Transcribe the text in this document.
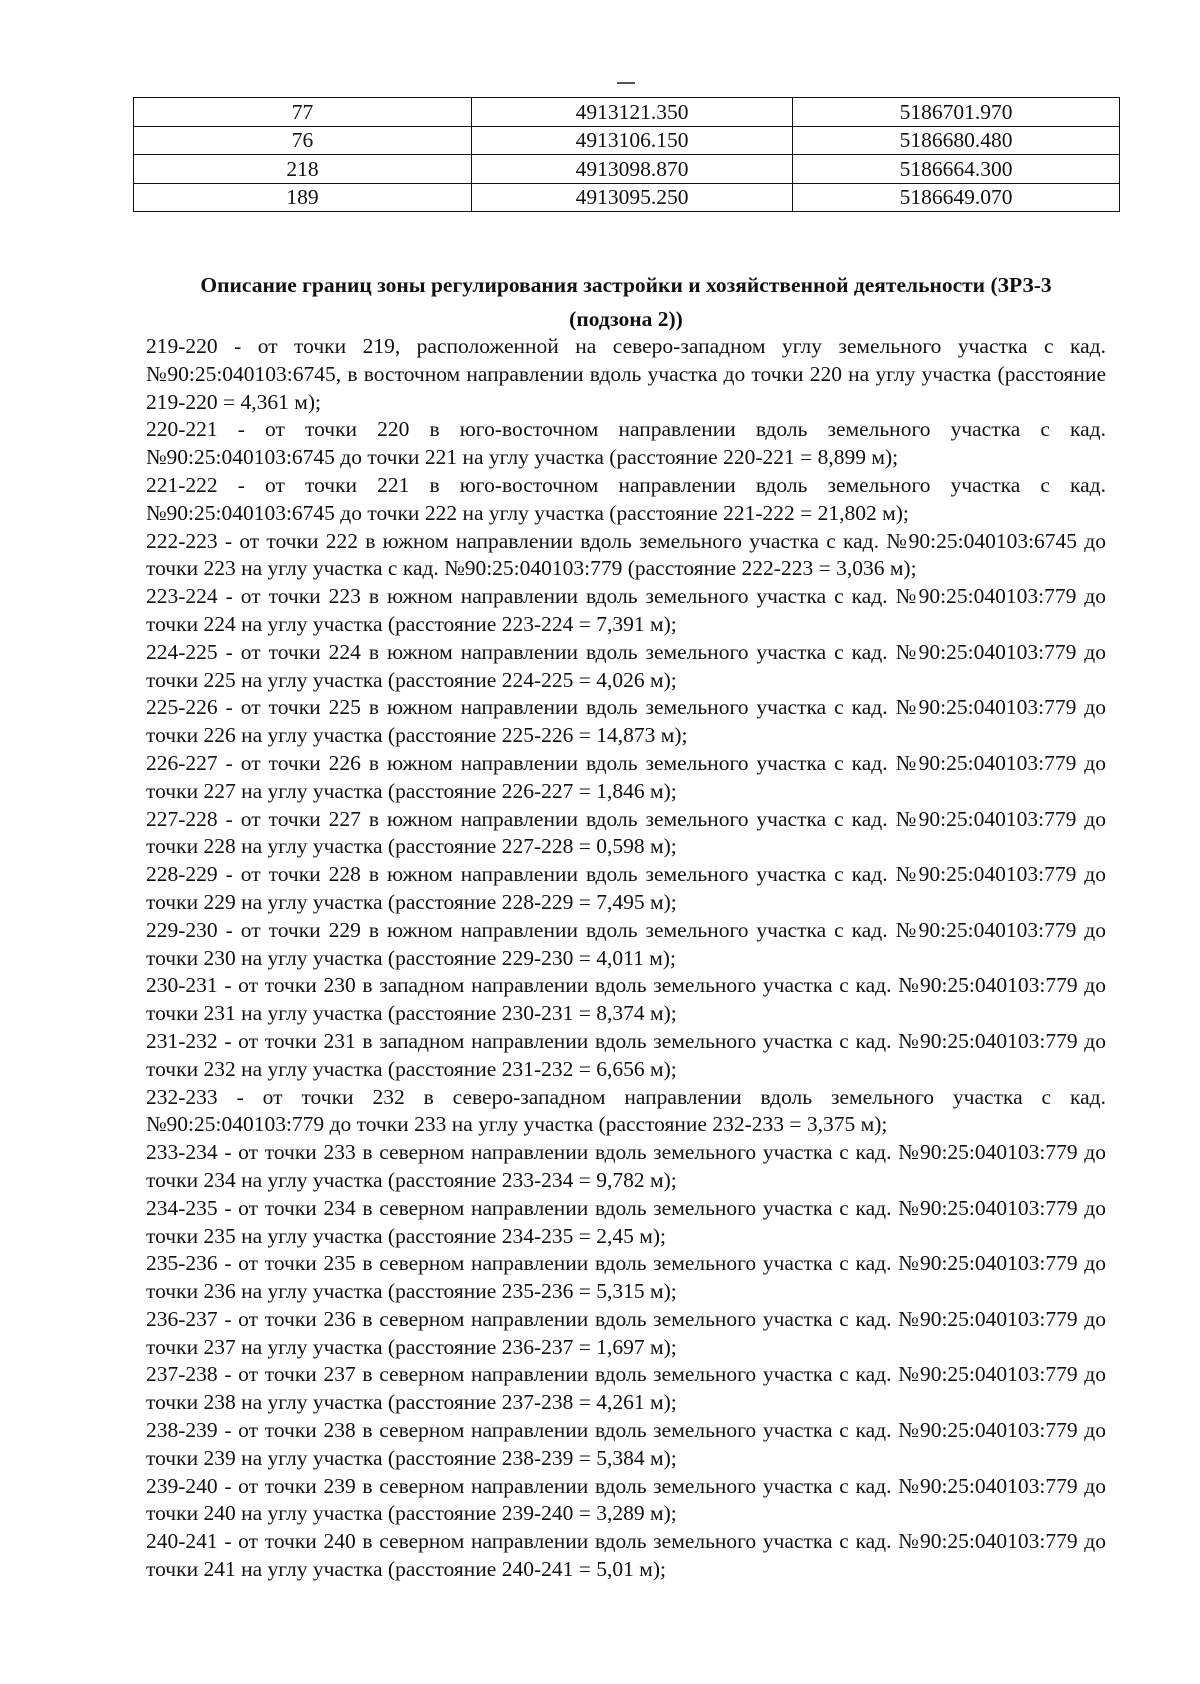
77	4913121.350	5186701.970
76	4913106.150	5186680.480
218	4913098.870	5186664.300
189	4913095.250	5186649.070
Описание границ зоны регулирования застройки и хозяйственной деятельности (ЗРЗ-3
(подзона 2))

219-220 - от точки 219, расположенной на северо-западном углу земельного участка с кад. №90:25:040103:6745, в восточном направлении вдоль участка до точки 220 на углу участка (расстояние 219-220 = 4,361 м);

220-221 - от точки 220 в юго-восточном направлении вдоль земельного участка с кад. №90:25:040103:6745 до точки 221 на углу участка (расстояние 220-221 = 8,899 м);

221-222 - от точки 221 в юго-восточном направлении вдоль земельного участка с кад. №90:25:040103:6745 до точки 222 на углу участка (расстояние 221-222 = 21,802 м);

222-223 - от точки 222 в южном направлении вдоль земельного участка с кад. №90:25:040103:6745 до точки 223 на углу участка с кад. №90:25:040103:779 (расстояние 222-223 = 3,036 м);

223-224 - от точки 223 в южном направлении вдоль земельного участка с кад. №90:25:040103:779 до точки 224 на углу участка (расстояние 223-224 = 7,391 м);

224-225 - от точки 224 в южном направлении вдоль земельного участка с кад. №90:25:040103:779 до точки 225 на углу участка (расстояние 224-225 = 4,026 м);

225-226 - от точки 225 в южном направлении вдоль земельного участка с кад. №90:25:040103:779 до точки 226 на углу участка (расстояние 225-226 = 14,873 м);

226-227 - от точки 226 в южном направлении вдоль земельного участка с кад. №90:25:040103:779 до точки 227 на углу участка (расстояние 226-227 = 1,846 м);

227-228 - от точки 227 в южном направлении вдоль земельного участка с кад. №90:25:040103:779 до точки 228 на углу участка (расстояние 227-228 = 0,598 м);

228-229 - от точки 228 в южном направлении вдоль земельного участка с кад. №90:25:040103:779 до точки 229 на углу участка (расстояние 228-229 = 7,495 м);

229-230 - от точки 229 в южном направлении вдоль земельного участка с кад. №90:25:040103:779 до точки 230 на углу участка (расстояние 229-230 = 4,011 м);

230-231 - от точки 230 в западном направлении вдоль земельного участка с кад. №90:25:040103:779 до точки 231 на углу участка (расстояние 230-231 = 8,374 м);

231-232 - от точки 231 в западном направлении вдоль земельного участка с кад. №90:25:040103:779 до точки 232 на углу участка (расстояние 231-232 = 6,656 м);

232-233 - от точки 232 в северо-западном направлении вдоль земельного участка с кад. №90:25:040103:779 до точки 233 на углу участка (расстояние 232-233 = 3,375 м);

233-234 - от точки 233 в северном направлении вдоль земельного участка с кад. №90:25:040103:779 до точки 234 на углу участка (расстояние 233-234 = 9,782 м);

234-235 - от точки 234 в северном направлении вдоль земельного участка с кад. №90:25:040103:779 до точки 235 на углу участка (расстояние 234-235 = 2,45 м);

235-236 - от точки 235 в северном направлении вдоль земельного участка с кад. №90:25:040103:779 до точки 236 на углу участка (расстояние 235-236 = 5,315 м);

236-237 - от точки 236 в северном направлении вдоль земельного участка с кад. №90:25:040103:779 до точки 237 на углу участка (расстояние 236-237 = 1,697 м);

237-238 - от точки 237 в северном направлении вдоль земельного участка с кад. №90:25:040103:779 до точки 238 на углу участка (расстояние 237-238 = 4,261 м);

238-239 - от точки 238 в северном направлении вдоль земельного участка с кад. №90:25:040103:779 до точки 239 на углу участка (расстояние 238-239 = 5,384 м);

239-240 - от точки 239 в северном направлении вдоль земельного участка с кад. №90:25:040103:779 до точки 240 на углу участка (расстояние 239-240 = 3,289 м);

240-241 - от точки 240 в северном направлении вдоль земельного участка с кад. №90:25:040103:779 до точки 241 на углу участка (расстояние 240-241 = 5,01 м);
